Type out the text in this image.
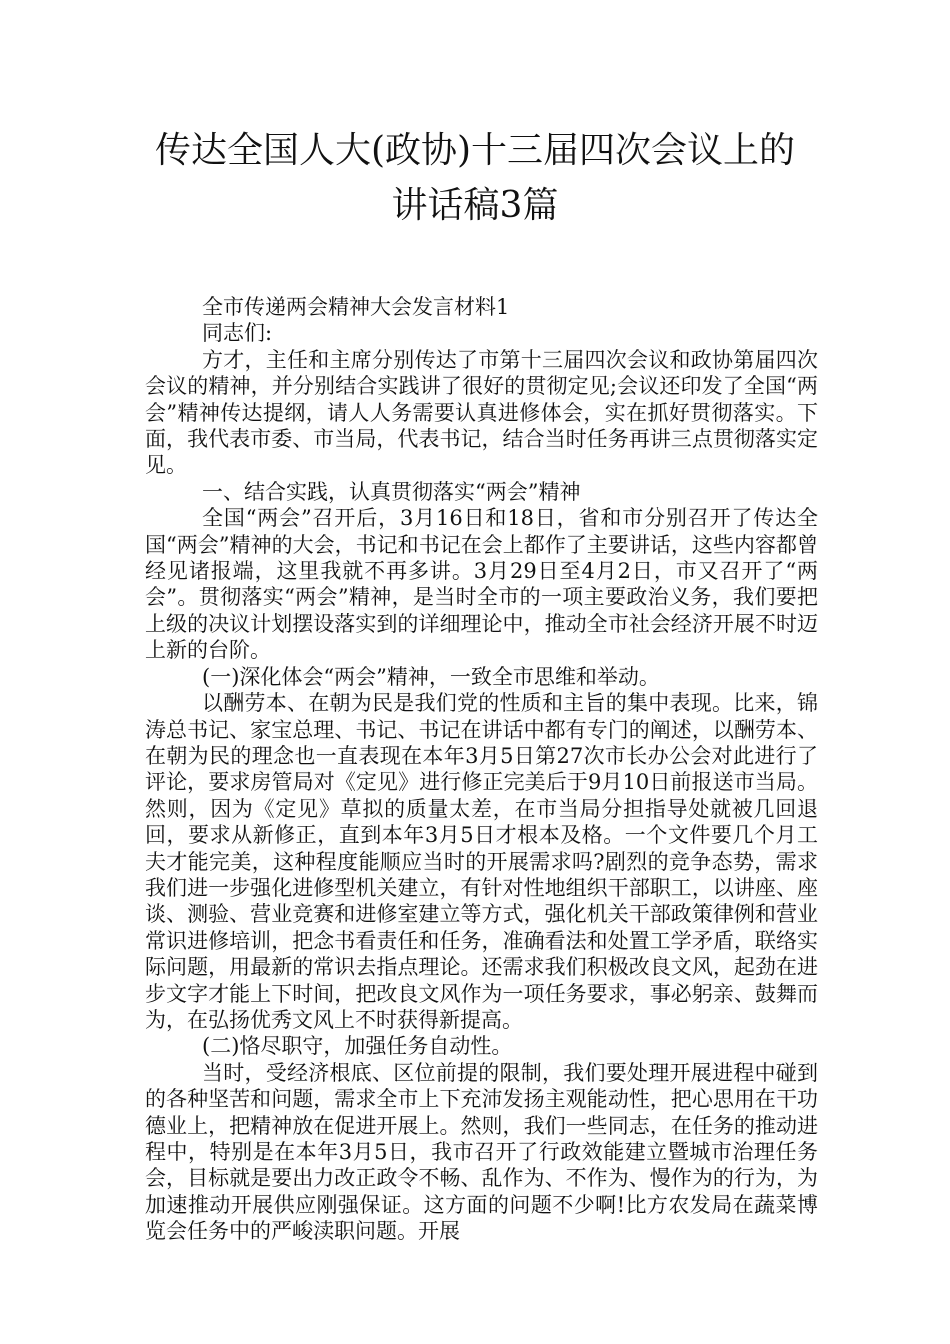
传达全国人大(政协)十三届四次会议上的
讲话稿3篇

全市传递两会精神大会发言材料1

同志们:

方才，主任和主席分别传达了市第十三届四次会议和政协第届四次会议的精神，并分别结合实践讲了很好的贯彻定见;会议还印发了全国“两会”精神传达提纲，请人人务需要认真进修体会，实在抓好贯彻落实。下面，我代表市委、市当局，代表书记，结合当时任务再讲三点贯彻落实定见。

一、结合实践，认真贯彻落实“两会”精神

全国“两会”召开后，3月16日和18日，省和市分别召开了传达全国“两会”精神的大会，书记和书记在会上都作了主要讲话，这些内容都曾经见诸报端，这里我就不再多讲。3月29日至4月2日，市又召开了“两会”。贯彻落实“两会”精神，是当时全市的一项主要政治义务，我们要把上级的决议计划摆设落实到的详细理论中，推动全市社会经济开展不时迈上新的台阶。

(一)深化体会“两会”精神，一致全市思维和举动。

以酬劳本、在朝为民是我们党的性质和主旨的集中表现。比来，锦涛总书记、家宝总理、书记、书记在讲话中都有专门的阐述，以酬劳本、在朝为民的理念也一直表现在本年3月5日第27次市长办公会对此进行了评论，要求房管局对《定见》进行修正完美后于9月10日前报送市当局。然则，因为《定见》草拟的质量太差，在市当局分担指导处就被几回退回，要求从新修正，直到本年3月5日才根本及格。一个文件要几个月工夫才能完美，这种程度能顺应当时的开展需求吗?剧烈的竞争态势，需求我们进一步强化进修型机关建立，有针对性地组织干部职工，以讲座、座谈、测验、营业竞赛和进修室建立等方式，强化机关干部政策律例和营业常识进修培训，把念书看责任和任务，准确看法和处置工学矛盾，联络实际问题，用最新的常识去指点理论。还需求我们积极改良文风，起劲在进步文字才能上下时间，把改良文风作为一项任务要求，事必躬亲、鼓舞而为，在弘扬优秀文风上不时获得新提高。

(二)恪尽职守，加强任务自动性。

当时，受经济根底、区位前提的限制，我们要处理开展进程中碰到的各种坚苦和问题，需求全市上下充沛发扬主观能动性，把心思用在干功德业上，把精神放在促进开展上。然则，我们一些同志，在任务的推动进程中，特别是在本年3月5日，我市召开了行政效能建立暨城市治理任务会，目标就是要出力改正政令不畅、乱作为、不作为、慢作为的行为，为加速推动开展供应刚强保证。这方面的问题不少啊!比方农发局在蔬菜博览会任务中的严峻渎职问题。开展
